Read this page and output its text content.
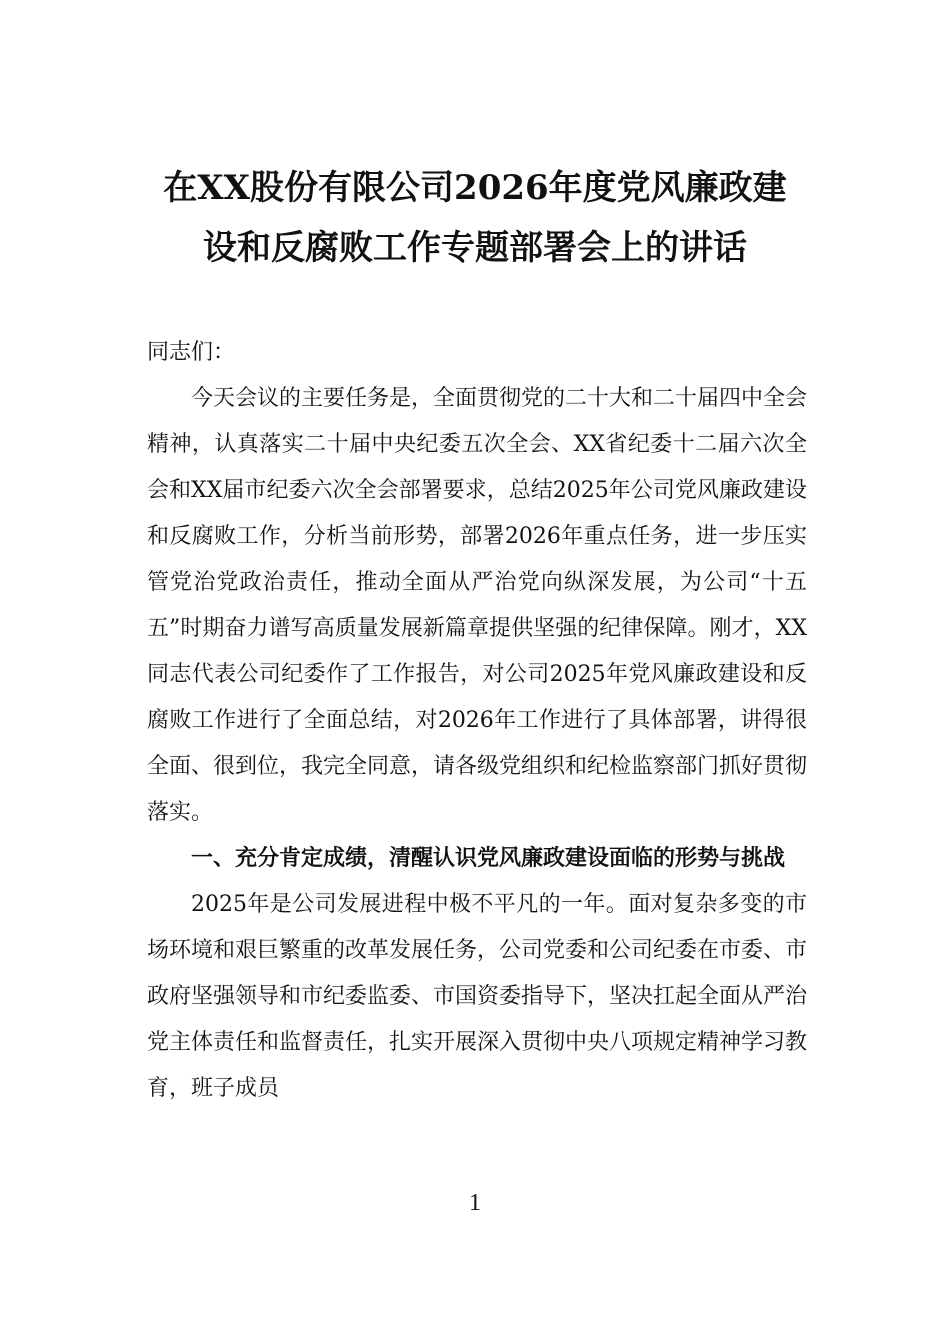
在XX股份有限公司2026年度党风廉政建
设和反腐败工作专题部署会上的讲话

同志们：

今天会议的主要任务是，全面贯彻党的二十大和二十届四中全会精神，认真落实二十届中央纪委五次全会、XX省纪委十二届六次全会和XX届市纪委六次全会部署要求，总结2025年公司党风廉政建设和反腐败工作，分析当前形势，部署2026年重点任务，进一步压实管党治党政治责任，推动全面从严治党向纵深发展，为公司“十五五”时期奋力谱写高质量发展新篇章提供坚强的纪律保障。刚才，XX同志代表公司纪委作了工作报告，对公司2025年党风廉政建设和反腐败工作进行了全面总结，对2026年工作进行了具体部署，讲得很全面、很到位，我完全同意，请各级党组织和纪检监察部门抓好贯彻落实。

一、充分肯定成绩，清醒认识党风廉政建设面临的形势与挑战

2025年是公司发展进程中极不平凡的一年。面对复杂多变的市场环境和艰巨繁重的改革发展任务，公司党委和公司纪委在市委、市政府坚强领导和市纪委监委、市国资委指导下，坚决扛起全面从严治党主体责任和监督责任，扎实开展深入贯彻中央八项规定精神学习教育，班子成员

1
